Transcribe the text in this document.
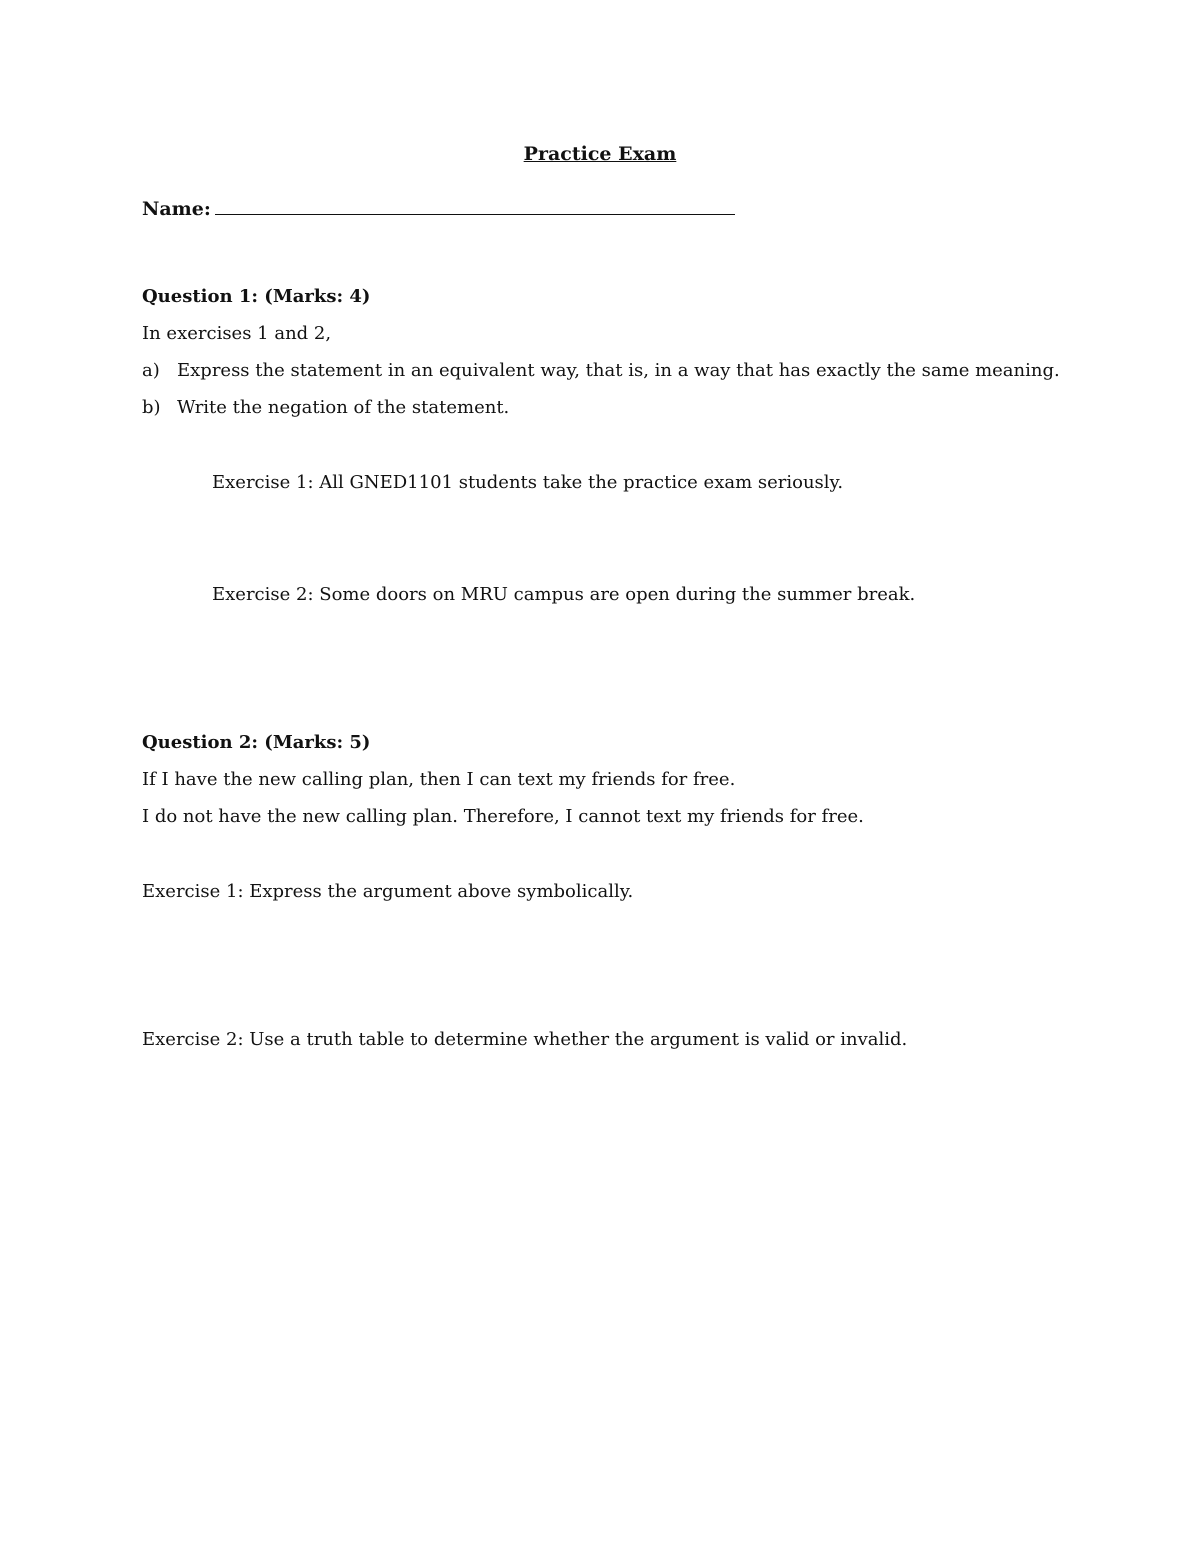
Practice Exam
Name:
Question 1: (Marks: 4)
In exercises 1 and 2,
a) Express the statement in an equivalent way, that is, in a way that has exactly the same meaning.
b) Write the negation of the statement.
Exercise 1: All GNED1101 students take the practice exam seriously.
Exercise 2: Some doors on MRU campus are open during the summer break.
Question 2: (Marks: 5)
If I have the new calling plan, then I can text my friends for free.
I do not have the new calling plan. Therefore, I cannot text my friends for free.
Exercise 1: Express the argument above symbolically.
Exercise 2: Use a truth table to determine whether the argument is valid or invalid.
